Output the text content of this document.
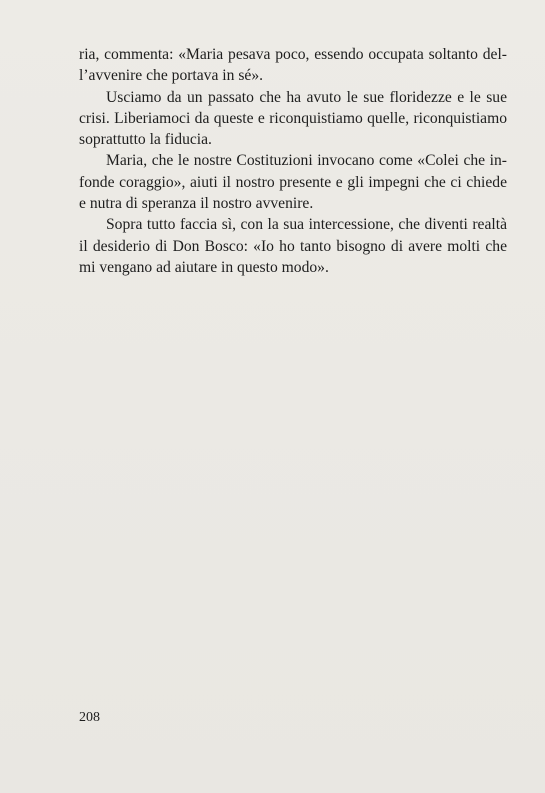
ria, commenta: «Maria pesava poco, essendo occupata soltanto dell’avvenire che portava in sé».

Usciamo da un passato che ha avuto le sue floridezze e le sue crisi. Liberiamoci da queste e riconquistiamo quelle, riconquistiamo soprattutto la fiducia.

Maria, che le nostre Costituzioni invocano come «Colei che infonde coraggio», aiuti il nostro presente e gli impegni che ci chiede e nutra di speranza il nostro avvenire.

Sopra tutto faccia sì, con la sua intercessione, che diventi realtà il desiderio di Don Bosco: «Io ho tanto bisogno di avere molti che mi vengano ad aiutare in questo modo».

208
